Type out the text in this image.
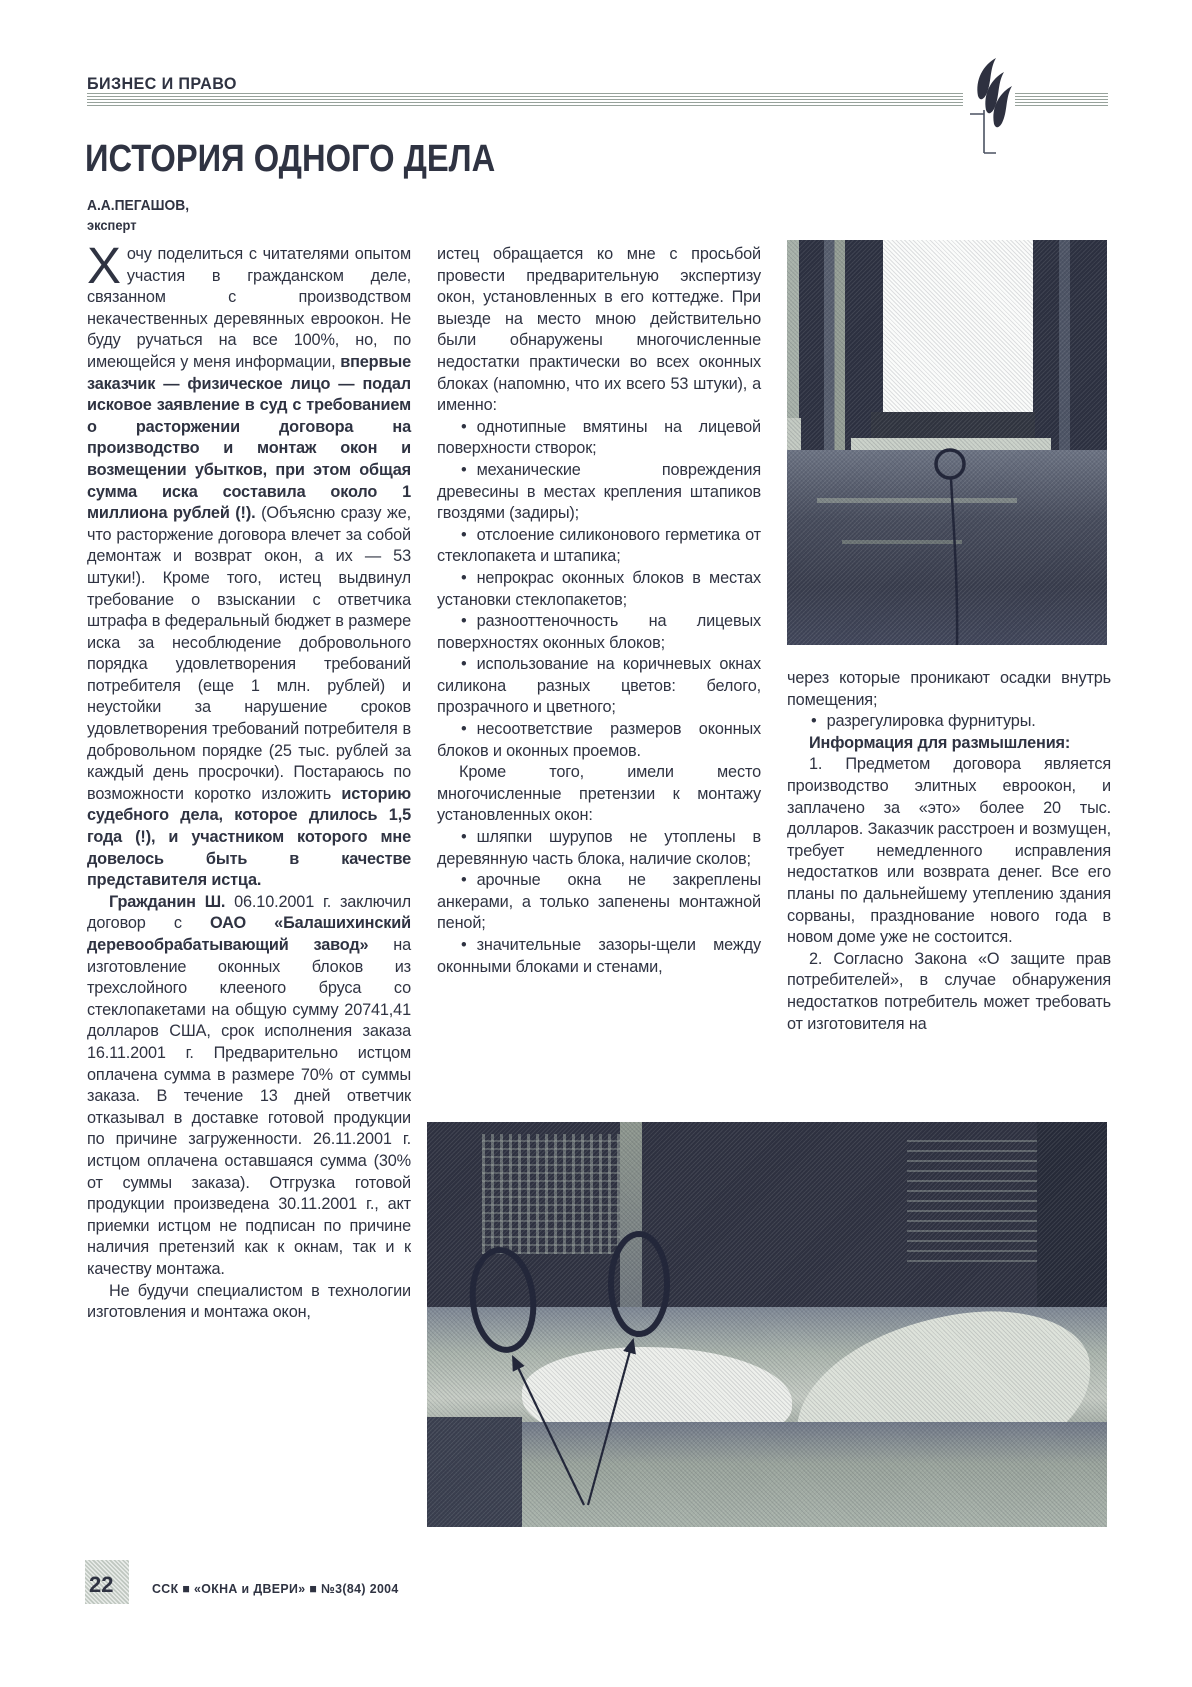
БИЗНЕС И ПРАВО
ИСТОРИЯ ОДНОГО ДЕЛА
А.А.ПЕГАШОВ,
эксперт

Хочу поделиться с читателями опытом участия в гражданском деле, связанном с производством некачественных деревянных евроокон. Не буду ручаться на все 100%, но, по имеющейся у меня информации, впервые заказчик — физическое лицо — подал исковое заявление в суд с требованием о расторжении договора на производство и монтаж окон и возмещении убытков, при этом общая сумма иска составила около 1 миллиона рублей (!). (Объясню сразу же, что расторжение договора влечет за собой демонтаж и возврат окон, а их — 53 штуки!). Кроме того, истец выдвинул требование о взыскании с ответчика штрафа в федеральный бюджет в размере иска за несоблюдение добровольного порядка удовлетворения требований потребителя (еще 1 млн. рублей) и неустойки за нарушение сроков удовлетворения требований потребителя в добровольном порядке (25 тыс. рублей за каждый день просрочки). Постараюсь по возможности коротко изложить историю судебного дела, которое длилось 1,5 года (!), и участником которого мне довелось быть в качестве представителя истца.

Гражданин Ш. 06.10.2001 г. заключил договор с ОАО «Балашихинский деревообрабатывающий завод» на изготовление оконных блоков из трехслойного клееного бруса со стеклопакетами на общую сумму 20741,41 долларов США, срок исполнения заказа 16.11.2001 г. Предварительно истцом оплачена сумма в размере 70% от суммы заказа. В течение 13 дней ответчик отказывал в доставке готовой продукции по причине загруженности. 26.11.2001 г. истцом оплачена оставшаяся сумма (30% от суммы заказа). Отгрузка готовой продукции произведена 30.11.2001 г., акт приемки истцом не подписан по причине наличия претензий как к окнам, так и к качеству монтажа.

Не будучи специалистом в технологии изготовления и монтажа окон,

истец обращается ко мне с просьбой провести предварительную экспертизу окон, установленных в его коттедже. При выезде на место мною действительно были обнаружены многочисленные недостатки практически во всех оконных блоках (напомню, что их всего 53 штуки), а именно:

• однотипные вмятины на лицевой поверхности створок;

• механические повреждения древесины в местах крепления штапиков гвоздями (задиры);

• отслоение силиконового герметика от стеклопакета и штапика;

• непрокрас оконных блоков в местах установки стеклопакетов;

• разнооттеночность на лицевых поверхностях оконных блоков;

• использование на коричневых окнах силикона разных цветов: белого, прозрачного и цветного;

• несоответствие размеров оконных блоков и оконных проемов.

Кроме того, имели место многочисленные претензии к монтажу установленных окон:

• шляпки шурупов не утоплены в деревянную часть блока, наличие сколов;

• арочные окна не закреплены анкерами, а только запенены монтажной пеной;

• значительные зазоры-щели между оконными блоками и стенами,

через которые проникают осадки внутрь помещения;

• разрегулировка фурнитуры.

Информация для размышления:

1. Предметом договора является производство элитных евроокон, и заплачено за «это» более 20 тыс. долларов. Заказчик расстроен и возмущен, требует немедленного исправления недостатков или возврата денег. Все его планы по дальнейшему утеплению здания сорваны, празднование нового года в новом доме уже не состоится.

2. Согласно Закона «О защите прав потребителей», в случае обнаружения недостатков потребитель может требовать от изготовителя на

22	ССК ■ «ОКНА и ДВЕРИ» ■ №3(84) 2004
